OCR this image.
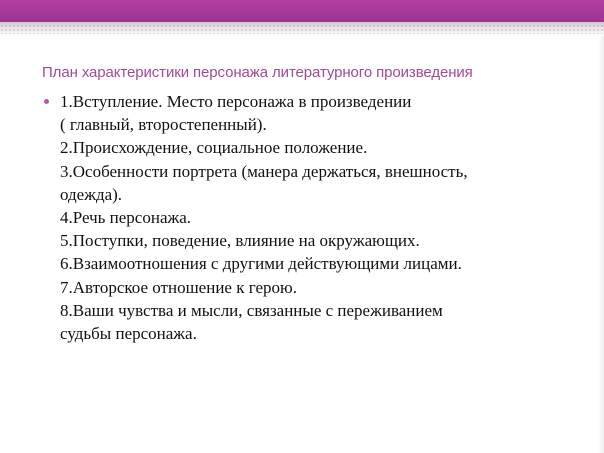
План характеристики персонажа литературного произведения
1.Вступление. Место персонажа в произведении
( главный, второстепенный).
2.Происхождение, социальное положение.
3.Особенности портрета (манера держаться, внешность,
одежда).
4.Речь персонажа.
5.Поступки, поведение, влияние на окружающих.
6.Взаимоотношения с другими действующими лицами.
7.Авторское отношение к герою.
8.Ваши чувства и мысли, связанные с переживанием
судьбы персонажа.
